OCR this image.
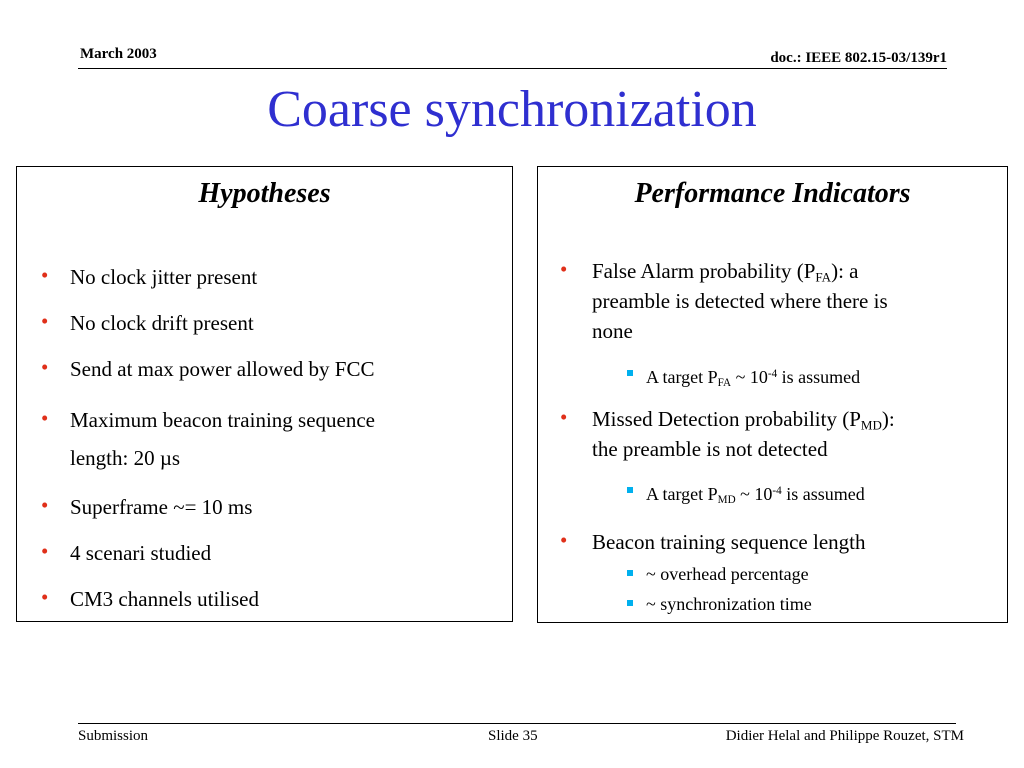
March 2003	doc.: IEEE 802.15-03/139r1
Coarse synchronization
Hypotheses
• No clock jitter present
• No clock drift present
• Send at max power allowed by FCC
• Maximum beacon training sequence
length: 20 µs
• Superframe ~= 10 ms
• 4 scenari studied
• CM3 channels utilised
Performance Indicators
• False Alarm probability (PFA): a
preamble is detected where there is
none
A target PFA ~ $10^{-4}$ is assumed
• Missed Detection probability (PMD):
the preamble is not detected
A target PMD ~ $10^{-4}$ is assumed
• Beacon training sequence length
~ overhead percentage
~ synchronization time
Submission	Slide 35	Didier Helal and Philippe Rouzet, STM
